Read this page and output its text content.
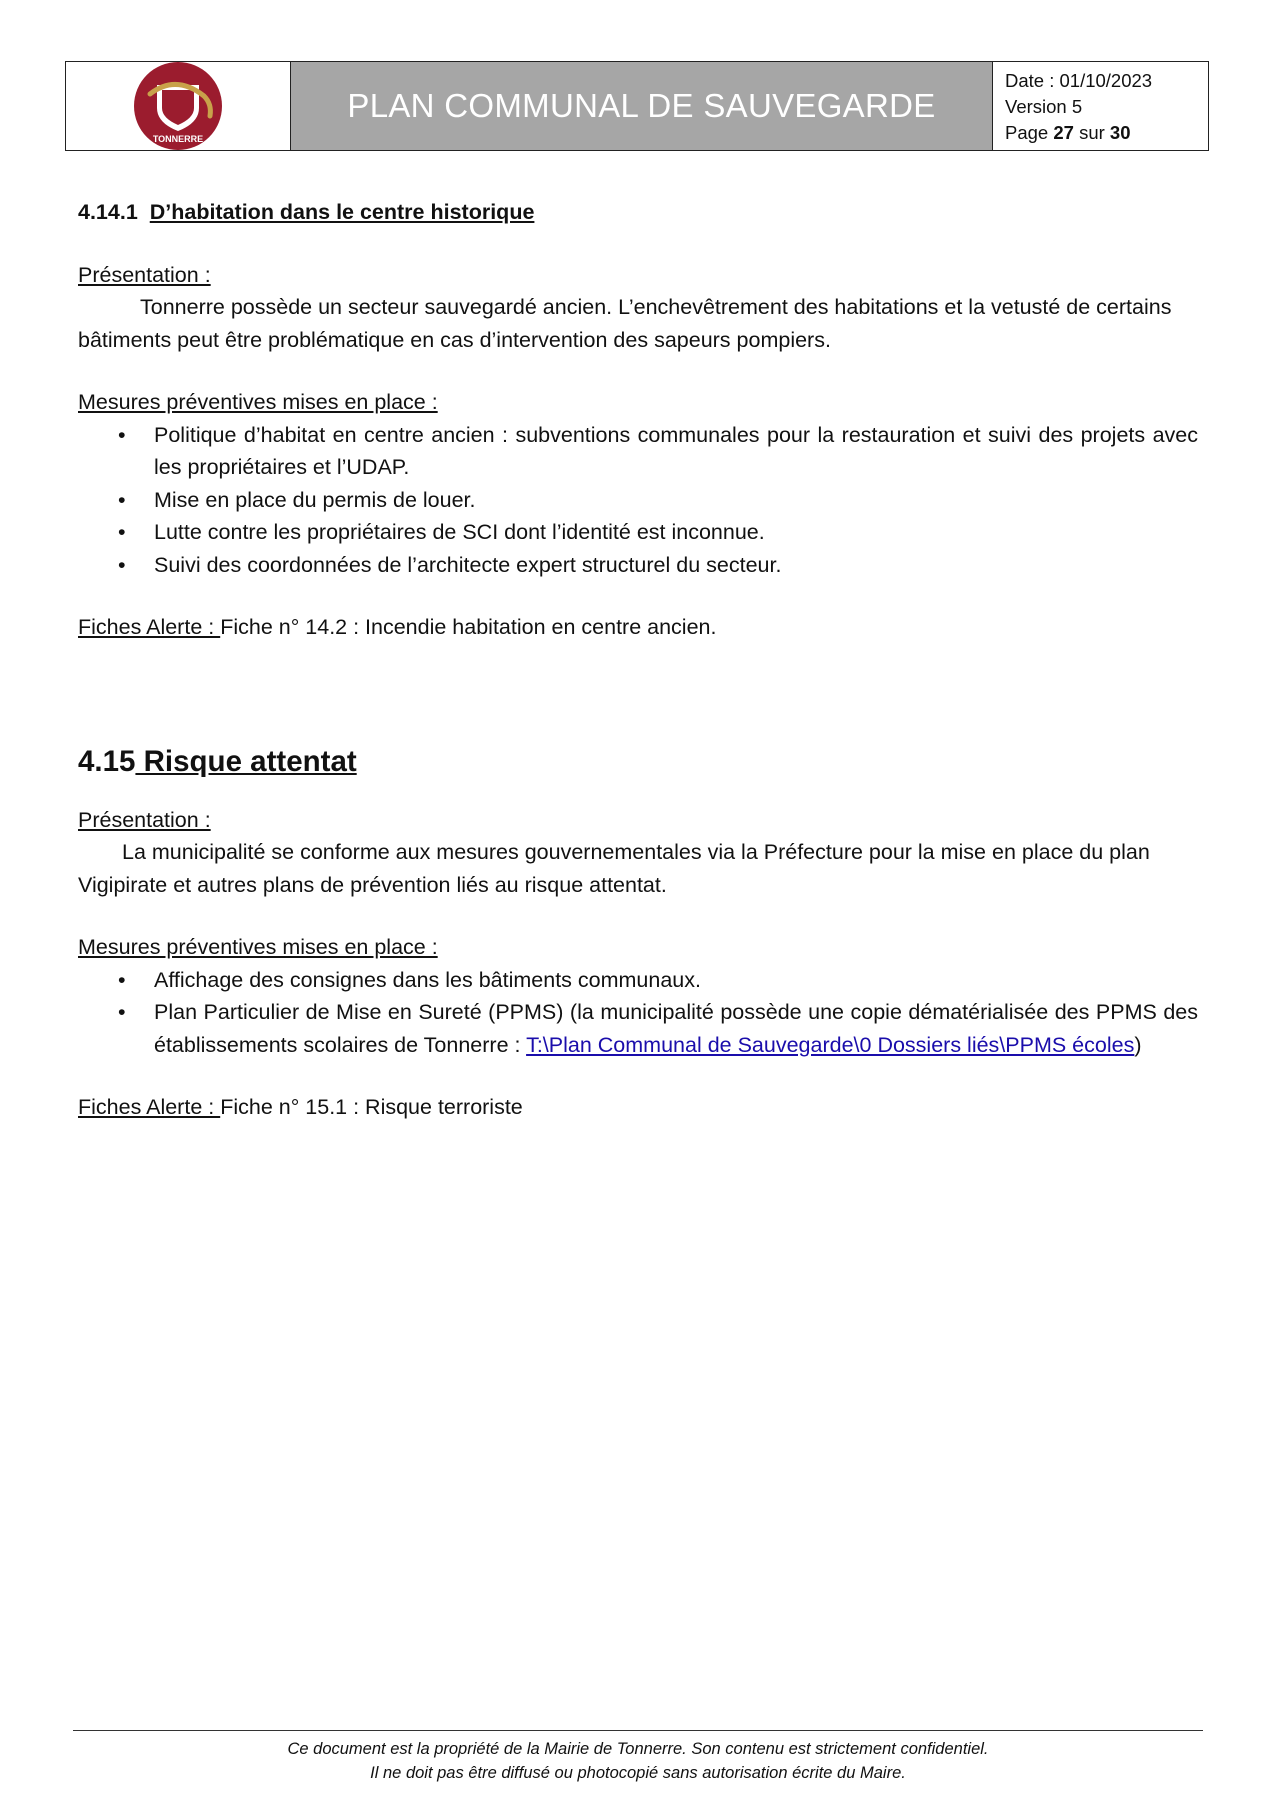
TONNERRE
PLAN COMMUNAL DE SAUVEGARDE
Date : 01/10/2023
Version 5
Page 27 sur 30

4.14.1 D’habitation dans le centre historique

Présentation :

Tonnerre possède un secteur sauvegardé ancien. L’enchevêtrement des habitations et la vetusté de certains bâtiments peut être problématique en cas d’intervention des sapeurs pompiers.

Mesures préventives mises en place :

• Politique d’habitat en centre ancien : subventions communales pour la restauration et suivi des projets avec les propriétaires et l’UDAP.
• Mise en place du permis de louer.
• Lutte contre les propriétaires de SCI dont l’identité est inconnue.
• Suivi des coordonnées de l’architecte expert structurel du secteur.

Fiches Alerte : Fiche n° 14.2 : Incendie habitation en centre ancien.

4.15 Risque attentat

Présentation :

La municipalité se conforme aux mesures gouvernementales via la Préfecture pour la mise en place du plan Vigipirate et autres plans de prévention liés au risque attentat.

Mesures préventives mises en place :

• Affichage des consignes dans les bâtiments communaux.
• Plan Particulier de Mise en Sureté (PPMS) (la municipalité possède une copie dématérialisée des PPMS des établissements scolaires de Tonnerre : T:\Plan Communal de Sauvegarde\0 Dossiers liés\PPMS écoles)

Fiches Alerte : Fiche n° 15.1 : Risque terroriste

Ce document est la propriété de la Mairie de Tonnerre. Son contenu est strictement confidentiel.
Il ne doit pas être diffusé ou photocopié sans autorisation écrite du Maire.
